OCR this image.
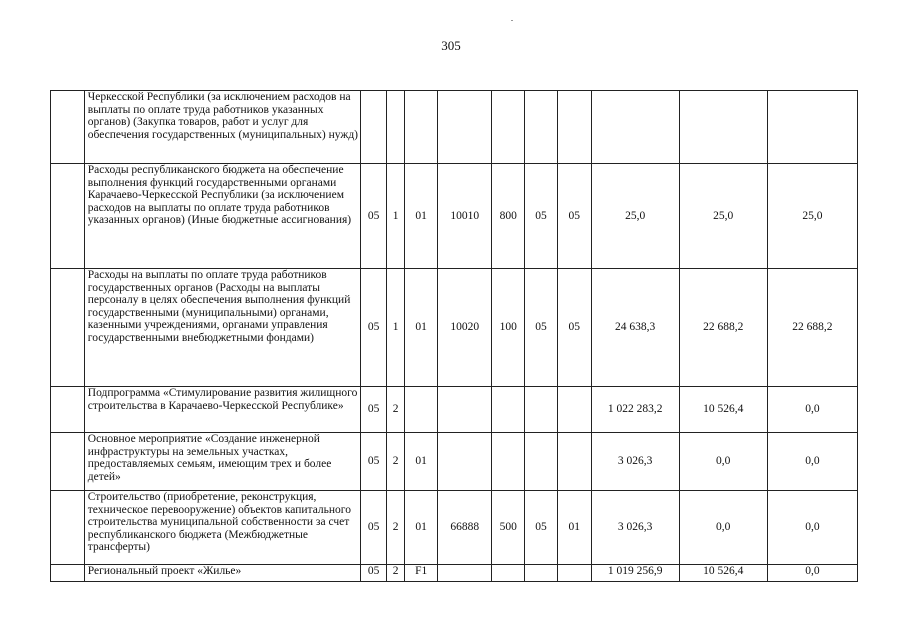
305
	Черкесской Республики (за исключением расходов на выплаты по оплате труда работников указанных органов) (Закупка товаров, работ и услуг для обеспечения государственных (муниципальных) нужд)										
	Расходы республиканского бюджета на обеспечение выполнения функций государственными органами Карачаево-Черкесской Республики (за исключением расходов на выплаты по оплате труда работников указанных органов) (Иные бюджетные ассигнования)	05	1	01	10010	800	05	05	25,0	25,0	25,0
	Расходы на выплаты по оплате труда работников государственных органов (Расходы на выплаты персоналу в целях обеспечения выполнения функций государственными (муниципальными) органами, казенными учреждениями, органами управления государственными внебюджетными фондами)	05	1	01	10020	100	05	05	24 638,3	22 688,2	22 688,2
	Подпрограмма «Стимулирование развития жилищного строительства в Карачаево-Черкесской Республике»	05	2						1 022 283,2	10 526,4	0,0
	Основное мероприятие «Создание инженерной инфраструктуры на земельных участках, предоставляемых семьям, имеющим трех и более детей»	05	2	01					3 026,3	0,0	0,0
	Строительство (приобретение, реконструкция, техническое перевооружение) объектов капитального строительства муниципальной собственности за счет республиканского бюджета (Межбюджетные трансферты)	05	2	01	66888	500	05	01	3 026,3	0,0	0,0
	Региональный проект «Жилье»	05	2	F1					1 019 256,9	10 526,4	0,0
